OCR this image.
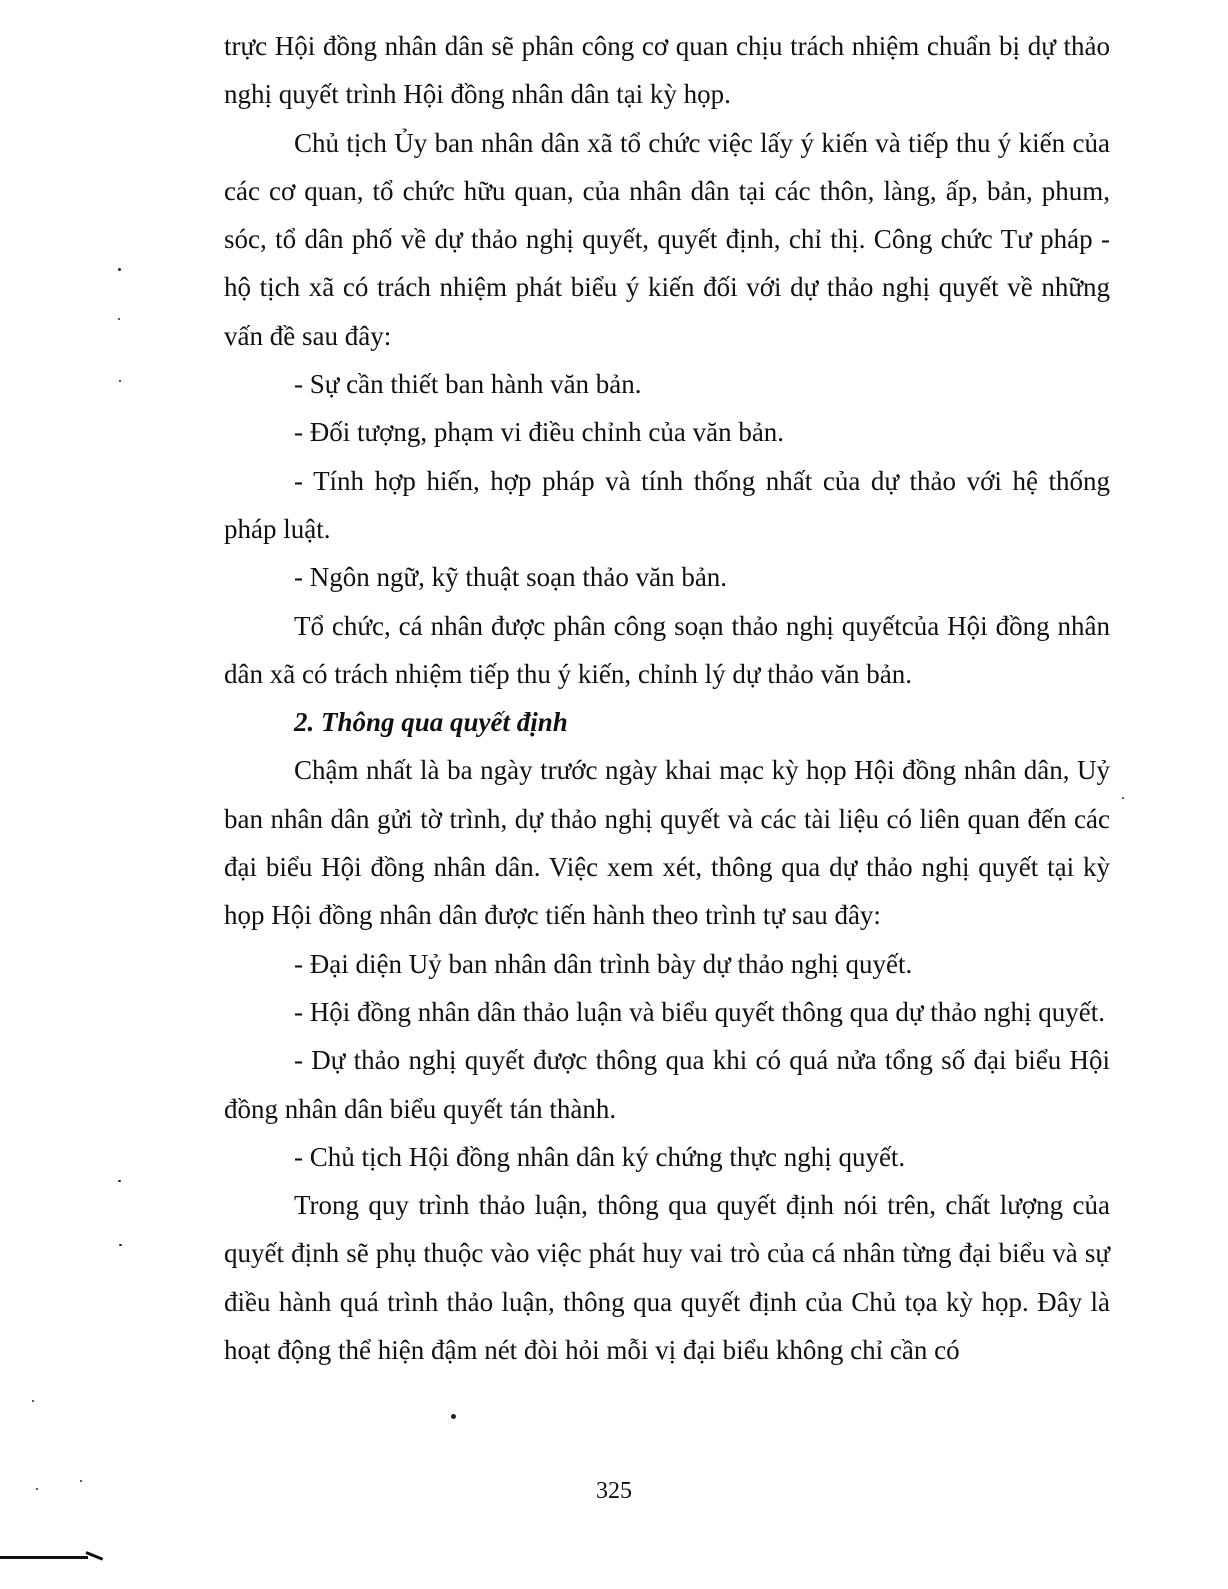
trực Hội đồng nhân dân sẽ phân công cơ quan chịu trách nhiệm chuẩn bị dự thảo nghị quyết trình Hội đồng nhân dân tại kỳ họp.

Chủ tịch Ủy ban nhân dân xã tổ chức việc lấy ý kiến và tiếp thu ý kiến của các cơ quan, tổ chức hữu quan, của nhân dân tại các thôn, làng, ấp, bản, phum, sóc, tổ dân phố về dự thảo nghị quyết, quyết định, chỉ thị. Công chức Tư pháp - hộ tịch xã có trách nhiệm phát biểu ý kiến đối với dự thảo nghị quyết về những vấn đề sau đây:

- Sự cần thiết ban hành văn bản.

- Đối tượng, phạm vi điều chỉnh của văn bản.

- Tính hợp hiến, hợp pháp và tính thống nhất của dự thảo với hệ thống pháp luật.

- Ngôn ngữ, kỹ thuật soạn thảo văn bản.

Tổ chức, cá nhân được phân công soạn thảo nghị quyếtcủa Hội đồng nhân dân xã có trách nhiệm tiếp thu ý kiến, chỉnh lý dự thảo văn bản.

2. Thông qua quyết định

Chậm nhất là ba ngày trước ngày khai mạc kỳ họp Hội đồng nhân dân, Uỷ ban nhân dân gửi tờ trình, dự thảo nghị quyết và các tài liệu có liên quan đến các đại biểu Hội đồng nhân dân. Việc xem xét, thông qua dự thảo nghị quyết tại kỳ họp Hội đồng nhân dân được tiến hành theo trình tự sau đây:

- Đại diện Uỷ ban nhân dân trình bày dự thảo nghị quyết.

- Hội đồng nhân dân thảo luận và biểu quyết thông qua dự thảo nghị quyết.

- Dự thảo nghị quyết được thông qua khi có quá nửa tổng số đại biểu Hội đồng nhân dân biểu quyết tán thành.

- Chủ tịch Hội đồng nhân dân ký chứng thực nghị quyết.

Trong quy trình thảo luận, thông qua quyết định nói trên, chất lượng của quyết định sẽ phụ thuộc vào việc phát huy vai trò của cá nhân từng đại biểu và sự điều hành quá trình thảo luận, thông qua quyết định của Chủ tọa kỳ họp. Đây là hoạt động thể hiện đậm nét đòi hỏi mỗi vị đại biểu không chỉ cần có

325
